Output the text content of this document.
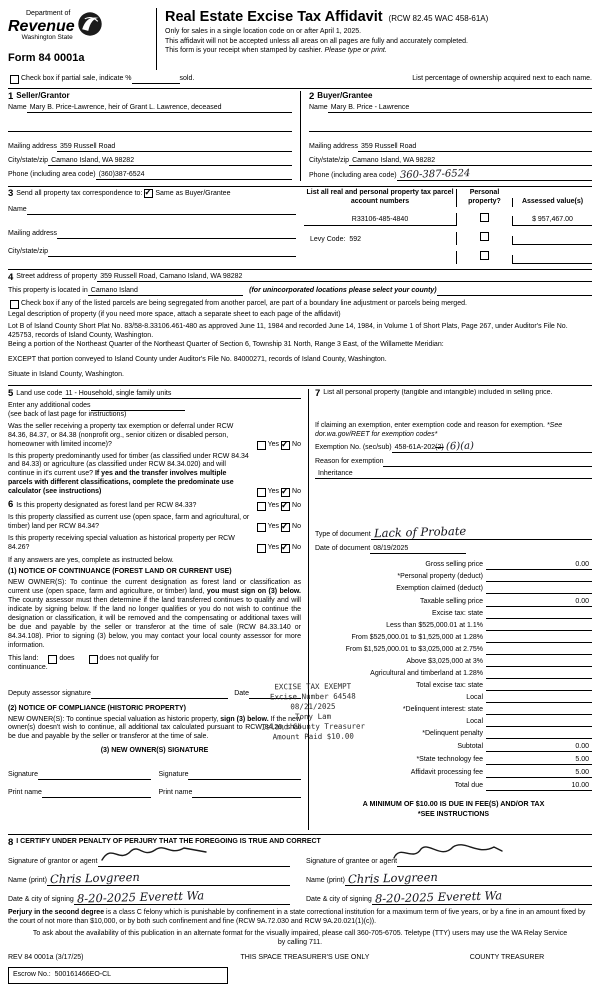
Department of
Revenue
Washington State
Form 84 0001a
Real Estate Excise Tax Affidavit (RCW 82.45 WAC 458-61A)
Only for sales in a single location code on or after April 1, 2025.
This affidavit will not be accepted unless all areas on all pages are fully and accurately completed.
This form is your receipt when stamped by cashier. Please type or print.
Check box if partial sale, indicate %	sold.	List percentage of ownership acquired next to each name.
1 Seller/Grantor
Name Mary B. Price-Lawrence, heir of Grant L. Lawrence, deceased
Mailing address 359 Russell Road
City/state/zip Camano Island, WA 98282
Phone (including area code) (360)387-6524
2 Buyer/Grantee
Name Mary B. Price - Lawrence
Mailing address 359 Russell Road
City/state/zip Camano Island, WA 98282
Phone (including area code) 360-387-6524
3 Send all property tax correspondence to: ✓ Same as Buyer/Grantee
Name
Mailing address
City/state/zip
List all real and personal property tax parcel account numbers
Personal property?	Assessed value(s)
R33106-485-4840	$ 957,467.00
Levy Code: 592
4 Street address of property 359 Russell Road, Camano Island, WA 98282
This property is located in Camano Island	(for unincorporated locations please select your county)
Check box if any of the listed parcels are being segregated from another parcel, are part of a boundary line adjustment or parcels being merged.
Legal description of property (if you need more space, attach a separate sheet to each page of the affidavit)
Lot B of Island County Short Plat No. 83/58-8.33106.461-480 as approved June 11, 1984 and recorded June 14, 1984, in Volume 1 of Short Plats, Page 267, under Auditor's File No. 425753, records of Island County, Washington.
Being a portion of the Northeast Quarter of the Northeast Quarter of Section 6, Township 31 North, Range 3 East, of the Willamette Meridian:
EXCEPT that portion conveyed to Island County under Auditor's File No. 84000271, records of Island County, Washington.
Situate in Island County, Washington.
5 Land use code 11 - Household, single family units
Enter any additional codes
(see back of last page for instructions)
Was the seller receiving a property tax exemption or deferral under RCW 84.36, 84.37, or 84.38 (nonprofit org., senior citizen or disabled person, homeowner with limited income)?	Yes ✓ No
Is this property predominantly used for timber (as classified under RCW 84.34 and 84.33) or agriculture (as classified under RCW 84.34.020) and will continue in it's current use? If yes and the transfer involves multiple parcels with different classifications, complete the predominate use calculator (see instructions)	Yes ✓ No
6 Is this property designated as forest land per RCW 84.33?	Yes ✓ No
Is this property classified as current use (open space, farm and agricultural, or timber) land per RCW 84.34?	Yes ✓ No
Is this property receiving special valuation as historical property per RCW 84.26?	Yes ✓ No
If any answers are yes, complete as instructed below.
(1) NOTICE OF CONTINUANCE (FOREST LAND OR CURRENT USE)
NEW OWNER(S): To continue the current designation as forest land or classification as current use (open space, farm and agriculture, or timber) land, you must sign on (3) below. The county assessor must then determine if the land transferred continues to qualify and will indicate by signing below. If the land no longer qualifies or you do not wish to continue the designation or classification, it will be removed and the compensating or additional taxes will be due and payable by the seller or transferor at the time of sale (RCW 84.33.140 or 84.34.108). Prior to signing (3) below, you may contact your local county assessor for more information.
This land:	does	does not qualify for
continuance.
Deputy assessor signature	Date
(2) NOTICE OF COMPLIANCE (HISTORIC PROPERTY)
NEW OWNER(S): To continue special valuation as historic property, sign (3) below. If the new owner(s) doesn't wish to continue, all additional tax calculated pursuant to RCW 84.26, shall be due and payable by the seller or transferor at the time of sale.
(3) NEW OWNER(S) SIGNATURE
Signature	Signature
Print name	Print name
7 List all personal property (tangible and intangible) included in selling price.
If claiming an exemption, enter exemption code and reason for exemption. *See dor.wa.gov/REET for exemption codes*
Exemption No. (sec/sub) 458-61A-202(2) (6)(a)
Reason for exemption
Inheritance
Type of document Lack of Probate
Date of document 08/19/2025
Gross selling price	0.00
*Personal property (deduct)
Exemption claimed (deduct)
Taxable selling price	0.00
Excise tax: state
Less than $525,000.01 at 1.1%
From $525,000.01 to $1,525,000 at 1.28%
From $1,525,000.01 to $3,025,000 at 2.75%
Above $3,025,000 at 3%
Agricultural and timberland at 1.28%
Total excise tax: state
Local
*Delinquent interest: state
Local
*Delinquent penalty
Subtotal	0.00
*State technology fee	5.00
Affidavit processing fee	5.00
Total due	10.00
A MINIMUM OF $10.00 IS DUE IN FEE(S) AND/OR TAX
*SEE INSTRUCTIONS
EXCISE TAX EXEMPT
Excise Number 64548
08/21/2025
Tony Lam
Island County Treasurer
Amount Paid $10.00
8 I CERTIFY UNDER PENALTY OF PERJURY THAT THE FOREGOING IS TRUE AND CORRECT
Signature of grantor or agent
Name (print) Chris Lovgreen
Date & city of signing 8-20-2025 Everett Wa
Signature of grantee or agent
Name (print) Chris Lovgreen
Date & city of signing 8-20-2025 Everett Wa
Perjury in the second degree is a class C felony which is punishable by confinement in a state correctional institution for a maximum term of five years, or by a fine in an amount fixed by the court of not more than $10,000, or by both such confinement and fine (RCW 9A.72.030 and RCW 9A.20.021(1)(c)).
To ask about the availability of this publication in an alternate format for the visually impaired, please call 360-705-6705. Teletype (TTY) users may use the WA Relay Service by calling 711.
REV 84 0001a (3/17/25)	THIS SPACE TREASURER'S USE ONLY	COUNTY TREASURER
Escrow No.:
500161466EO-CL
